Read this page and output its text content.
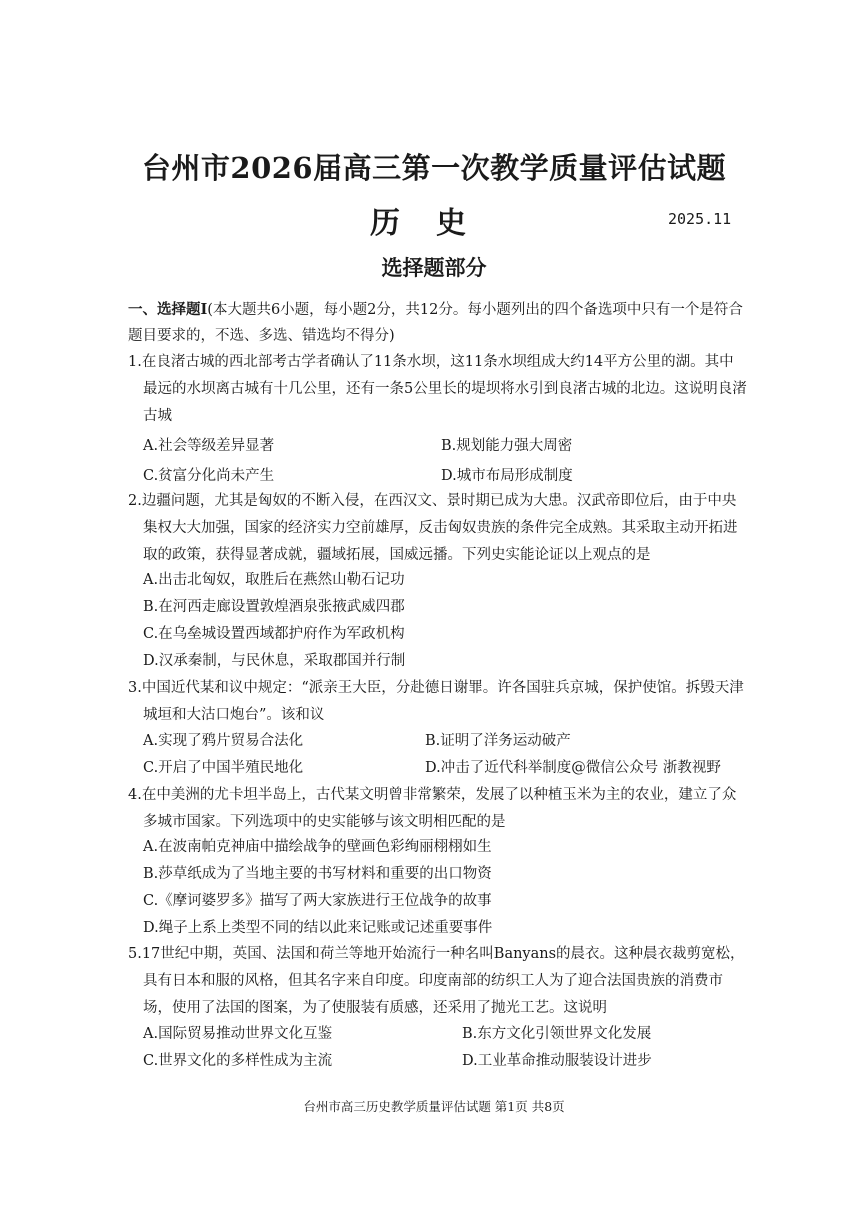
台州市2026届高三第一次教学质量评估试题
历史	2025.11
选择题部分
一、选择题Ⅰ(本大题共6小题，每小题2分，共12分。每小题列出的四个备选项中只有一个是符合题目要求的，不选、多选、错选均不得分)
1.在良渚古城的西北部考古学者确认了11条水坝，这11条水坝组成大约14平方公里的湖。其中最远的水坝离古城有十几公里，还有一条5公里长的堤坝将水引到良渚古城的北边。这说明良渚古城
A.社会等级差异显著	B.规划能力强大周密
C.贫富分化尚未产生	D.城市布局形成制度
2.边疆问题，尤其是匈奴的不断入侵，在西汉文、景时期已成为大患。汉武帝即位后，由于中央集权大大加强，国家的经济实力空前雄厚，反击匈奴贵族的条件完全成熟。其采取主动开拓进取的政策，获得显著成就，疆域拓展，国威远播。下列史实能论证以上观点的是
A.出击北匈奴，取胜后在燕然山勒石记功
B.在河西走廊设置敦煌酒泉张掖武威四郡
C.在乌垒城设置西域都护府作为军政机构
D.汉承秦制，与民休息，采取郡国并行制
3.中国近代某和议中规定：“派亲王大臣，分赴德日谢罪。许各国驻兵京城，保护使馆。拆毁天津城垣和大沽口炮台”。该和议
A.实现了鸦片贸易合法化	B.证明了洋务运动破产
C.开启了中国半殖民地化	D.冲击了近代科举制度@微信公众号 浙教视野
4.在中美洲的尤卡坦半岛上，古代某文明曾非常繁荣，发展了以种植玉米为主的农业，建立了众多城市国家。下列选项中的史实能够与该文明相匹配的是
A.在波南帕克神庙中描绘战争的壁画色彩绚丽栩栩如生
B.莎草纸成为了当地主要的书写材料和重要的出口物资
C.《摩诃婆罗多》描写了两大家族进行王位战争的故事
D.绳子上系上类型不同的结以此来记账或记述重要事件
5.17世纪中期，英国、法国和荷兰等地开始流行一种名叫Banyans的晨衣。这种晨衣裁剪宽松，具有日本和服的风格，但其名字来自印度。印度南部的纺织工人为了迎合法国贵族的消费市场，使用了法国的图案，为了使服装有质感，还采用了抛光工艺。这说明
A.国际贸易推动世界文化互鉴	B.东方文化引领世界文化发展
C.世界文化的多样性成为主流	D.工业革命推动服装设计进步
台州市高三历史教学质量评估试题 第1页 共8页
